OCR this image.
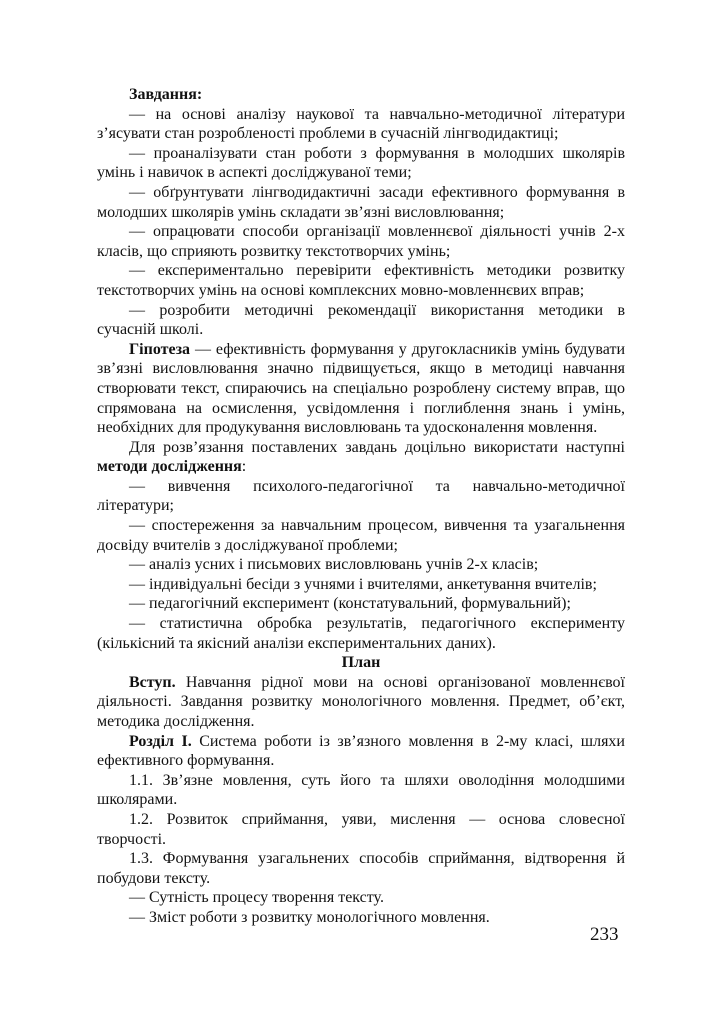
Завдання:

— на основі аналізу наукової та навчально-методичної літератури з’ясувати стан розробленості проблеми в сучасній лінгводидактиці;

— проаналізувати стан роботи з формування в молодших школярів умінь і навичок в аспекті досліджуваної теми;

— обґрунтувати лінгводидактичні засади ефективного формування в молодших школярів умінь складати зв’язні висловлювання;

— опрацювати способи організації мовленнєвої діяльності учнів 2-х класів, що сприяють розвитку текстотворчих умінь;

— експериментально перевірити ефективність методики розвитку текстотворчих умінь на основі комплексних мовно-мовленнєвих вправ;

— розробити методичні рекомендації використання методики в сучасній школі.

Гіпотеза — ефективність формування у другокласників умінь будувати зв’язні висловлювання значно підвищується, якщо в методиці навчання створювати текст, спираючись на спеціально розроблену систему вправ, що спрямована на осмислення, усвідомлення і поглиблення знань і умінь, необхідних для продукування висловлювань та удосконалення мовлення.

Для розв’язання поставлених завдань доцільно використати наступні методи дослідження:

— вивчення психолого-педагогічної та навчально-методичної літератури;

— спостереження за навчальним процесом, вивчення та узагальнення досвіду вчителів з досліджуваної проблеми;

— аналіз усних і письмових висловлювань учнів 2-х класів;

— індивідуальні бесіди з учнями і вчителями, анкетування вчителів;

— педагогічний експеримент (констатувальний, формувальний);

— статистична обробка результатів, педагогічного експерименту (кількісний та якісний аналізи експериментальних даних).

План

Вступ. Навчання рідної мови на основі організованої мовленнєвої діяльності. Завдання розвитку монологічного мовлення. Предмет, об’єкт, методика дослідження.

Розділ І. Система роботи із зв’язного мовлення в 2-му класі, шляхи ефективного формування.

1.1. Зв’язне мовлення, суть його та шляхи оволодіння молодшими школярами.

1.2. Розвиток сприймання, уяви, мислення — основа словесної творчості.

1.3. Формування узагальнених способів сприймання, відтворення й побудови тексту.

— Сутність процесу творення тексту.

— Зміст роботи з розвитку монологічного мовлення.

233
